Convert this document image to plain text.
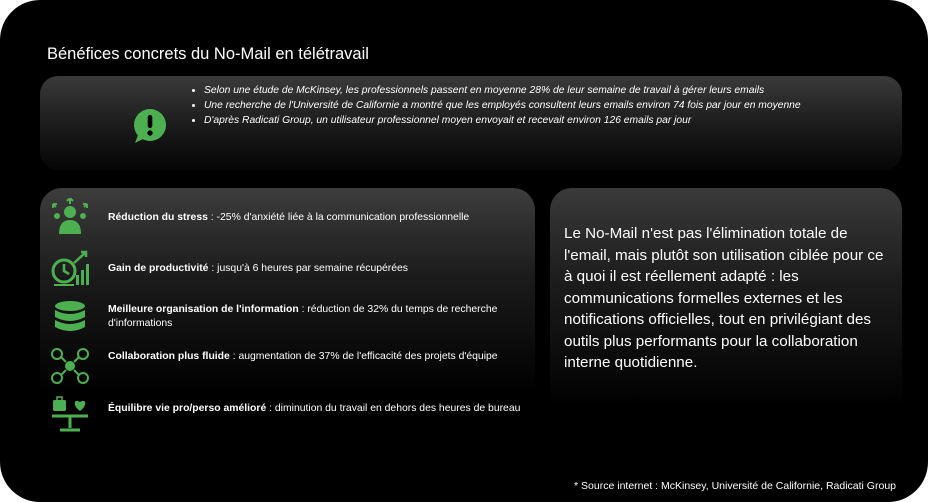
Bénéfices concrets du No-Mail en télétravail
• Selon une étude de McKinsey, les professionnels passent en moyenne 28% de leur semaine de travail à gérer leurs emails
• Une recherche de l'Université de Californie a montré que les employés consultent leurs emails environ 74 fois par jour en moyenne
• D'après Radicati Group, un utilisateur professionnel moyen envoyait et recevait environ 126 emails par jour
Réduction du stress : -25% d'anxiété liée à la communication professionnelle
Gain de productivité : jusqu'à 6 heures par semaine récupérées
Meilleure organisation de l'information : réduction de 32% du temps de recherche d'informations
Collaboration plus fluide : augmentation de 37% de l'efficacité des projets d'équipe
Équilibre vie pro/perso amélioré : diminution du travail en dehors des heures de bureau

Le No-Mail n'est pas l'élimination totale de l'email, mais plutôt son utilisation ciblée pour ce à quoi il est réellement adapté : les communications formelles externes et les notifications officielles, tout en privilégiant des outils plus performants pour la collaboration interne quotidienne.

* Source internet : McKinsey, Université de Californie, Radicati Group
